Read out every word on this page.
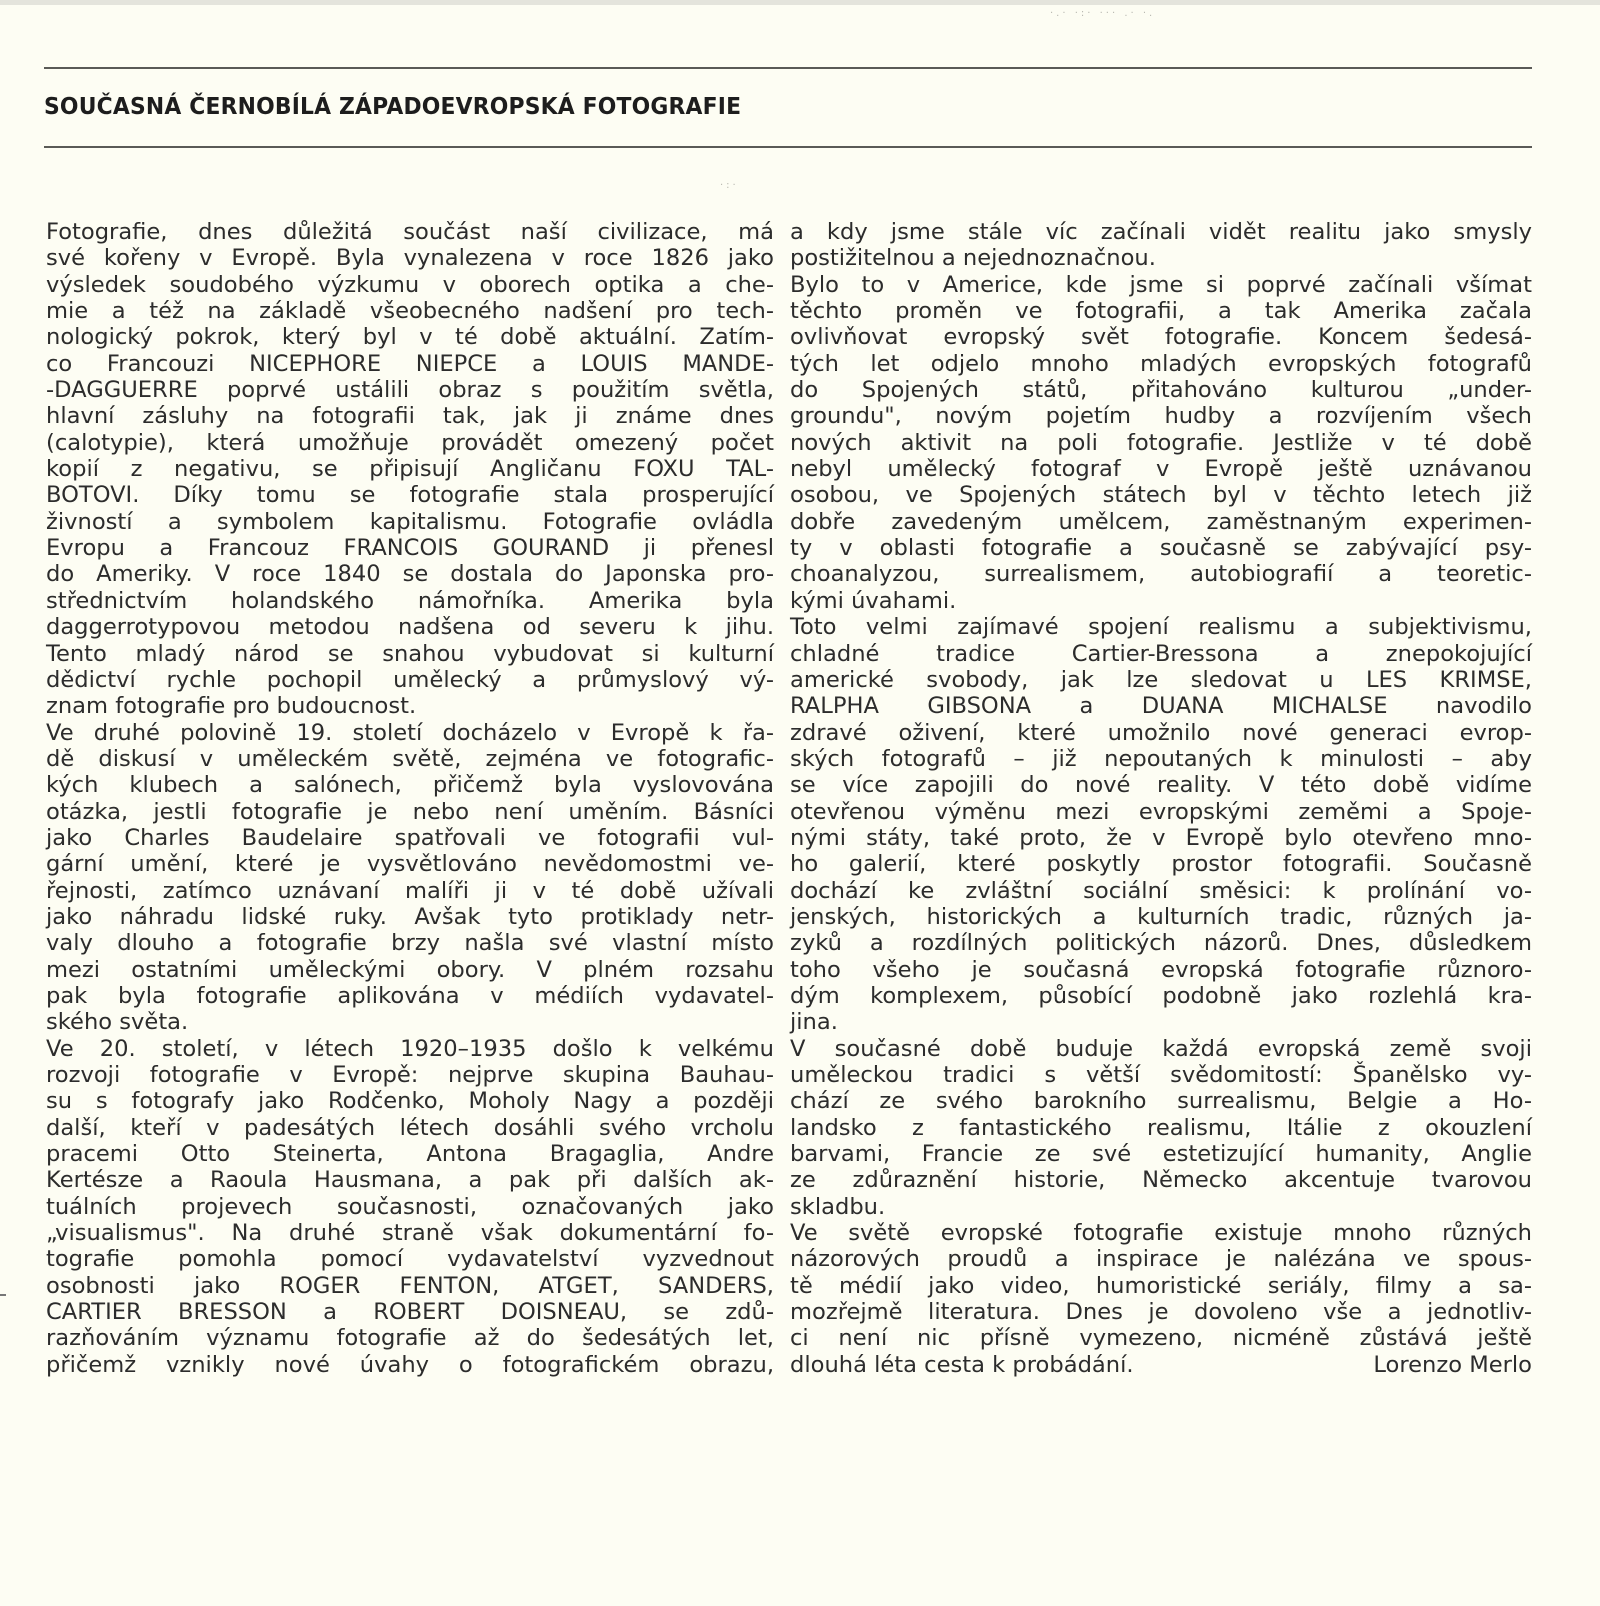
·.· ·:· ··· .· ·.
·:·
SOUČASNÁ ČERNOBÍLÁ ZÁPADOEVROPSKÁ FOTOGRAFIE
Fotografie, dnes důležitá součást naší civilizace, má
své kořeny v Evropě. Byla vynalezena v roce 1826 jako
výsledek soudobého výzkumu v oborech optika a che-
mie a též na základě všeobecného nadšení pro tech-
nologický pokrok, který byl v té době aktuální. Zatím-
co Francouzi NICEPHORE NIEPCE a LOUIS MANDE-
-DAGGUERRE poprvé ustálili obraz s použitím světla,
hlavní zásluhy na fotografii tak, jak ji známe dnes
(calotypie), která umožňuje provádět omezený počet
kopií z negativu, se připisují Angličanu FOXU TAL-
BOTOVI. Díky tomu se fotografie stala prosperující
živností a symbolem kapitalismu. Fotografie ovládla
Evropu a Francouz FRANCOIS GOURAND ji přenesl
do Ameriky. V roce 1840 se dostala do Japonska pro-
střednictvím holandského námořníka. Amerika byla
daggerrotypovou metodou nadšena od severu k jihu.
Tento mladý národ se snahou vybudovat si kulturní
dědictví rychle pochopil umělecký a průmyslový vý-
znam fotografie pro budoucnost.
Ve druhé polovině 19. století docházelo v Evropě k řa-
dě diskusí v uměleckém světě, zejména ve fotografic-
kých klubech a salónech, přičemž byla vyslovována
otázka, jestli fotografie je nebo není uměním. Básníci
jako Charles Baudelaire spatřovali ve fotografii vul-
gární umění, které je vysvětlováno nevědomostmi ve-
řejnosti, zatímco uznávaní malíři ji v té době užívali
jako náhradu lidské ruky. Avšak tyto protiklady netr-
valy dlouho a fotografie brzy našla své vlastní místo
mezi ostatními uměleckými obory. V plném rozsahu
pak byla fotografie aplikována v médiích vydavatel-
ského světa.
Ve 20. století, v létech 1920–1935 došlo k velkému
rozvoji fotografie v Evropě: nejprve skupina Bauhau-
su s fotografy jako Rodčenko, Moholy Nagy a později
další, kteří v padesátých létech dosáhli svého vrcholu
pracemi Otto Steinerta, Antona Bragaglia, Andre
Kertésze a Raoula Hausmana, a pak při dalších ak-
tuálních projevech současnosti, označovaných jako
„visualismus". Na druhé straně však dokumentární fo-
tografie pomohla pomocí vydavatelství vyzvednout
osobnosti jako ROGER FENTON, ATGET, SANDERS,
CARTIER BRESSON a ROBERT DOISNEAU, se zdů-
razňováním významu fotografie až do šedesátých let,
přičemž vznikly nové úvahy o fotografickém obrazu,
a kdy jsme stále víc začínali vidět realitu jako smysly
postižitelnou a nejednoznačnou.
Bylo to v Americe, kde jsme si poprvé začínali všímat
těchto proměn ve fotografii, a tak Amerika začala
ovlivňovat evropský svět fotografie. Koncem šedesá-
tých let odjelo mnoho mladých evropských fotografů
do Spojených států, přitahováno kulturou „under-
groundu", novým pojetím hudby a rozvíjením všech
nových aktivit na poli fotografie. Jestliže v té době
nebyl umělecký fotograf v Evropě ještě uznávanou
osobou, ve Spojených státech byl v těchto letech již
dobře zavedeným umělcem, zaměstnaným experimen-
ty v oblasti fotografie a současně se zabývající psy-
choanalyzou, surrealismem, autobiografií a teoretic-
kými úvahami.
Toto velmi zajímavé spojení realismu a subjektivismu,
chladné tradice Cartier-Bressona a znepokojující
americké svobody, jak lze sledovat u LES KRIMSE,
RALPHA GIBSONA a DUANA MICHALSE navodilo
zdravé oživení, které umožnilo nové generaci evrop-
ských fotografů – již nepoutaných k minulosti – aby
se více zapojili do nové reality. V této době vidíme
otevřenou výměnu mezi evropskými zeměmi a Spoje-
nými státy, také proto, že v Evropě bylo otevřeno mno-
ho galerií, které poskytly prostor fotografii. Současně
dochází ke zvláštní sociální směsici: k prolínání vo-
jenských, historických a kulturních tradic, různých ja-
zyků a rozdílných politických názorů. Dnes, důsledkem
toho všeho je současná evropská fotografie různoro-
dým komplexem, působící podobně jako rozlehlá kra-
jina.
V současné době buduje každá evropská země svoji
uměleckou tradici s větší svědomitostí: Španělsko vy-
chází ze svého barokního surrealismu, Belgie a Ho-
landsko z fantastického realismu, Itálie z okouzlení
barvami, Francie ze své estetizující humanity, Anglie
ze zdůraznění historie, Německo akcentuje tvarovou
skladbu.
Ve světě evropské fotografie existuje mnoho různých
názorových proudů a inspirace je nalézána ve spous-
tě médií jako video, humoristické seriály, filmy a sa-
mozřejmě literatura. Dnes je dovoleno vše a jednotliv-
ci není nic přísně vymezeno, nicméně zůstává ještě
dlouhá léta cesta k probádání.	Lorenzo Merlo
